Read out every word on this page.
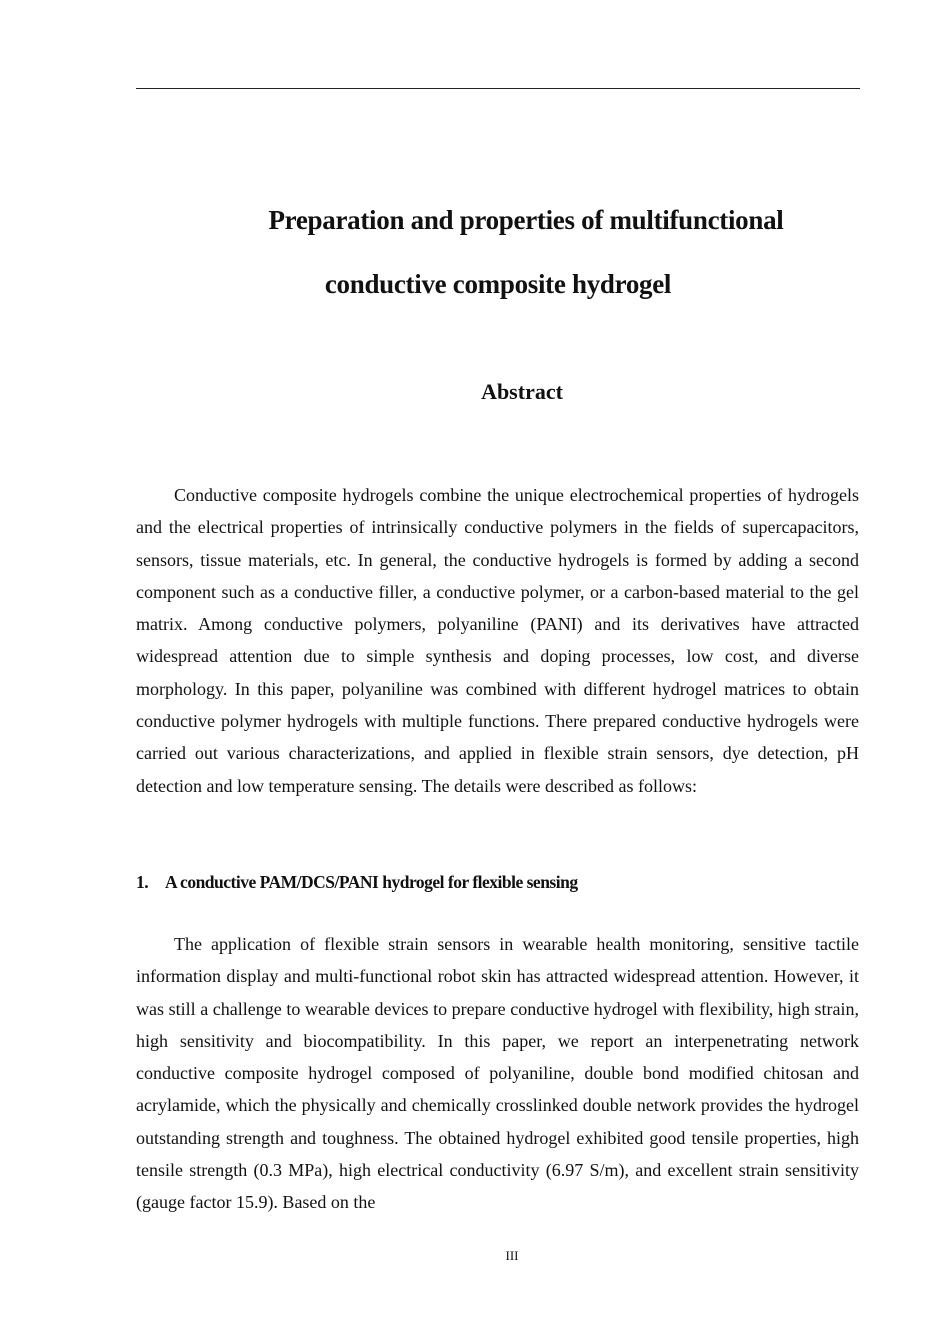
Preparation and properties of multifunctional
conductive composite hydrogel
Abstract

Conductive composite hydrogels combine the unique electrochemical properties of hydrogels and the electrical properties of intrinsically conductive polymers in the fields of supercapacitors, sensors, tissue materials, etc. In general, the conductive hydrogels is formed by adding a second component such as a conductive filler, a conductive polymer, or a carbon-based material to the gel matrix. Among conductive polymers, polyaniline (PANI) and its derivatives have attracted widespread attention due to simple synthesis and doping processes, low cost, and diverse morphology. In this paper, polyaniline was combined with different hydrogel matrices to obtain conductive polymer hydrogels with multiple functions. There prepared conductive hydrogels were carried out various characterizations, and applied in flexible strain sensors, dye detection, pH detection and low temperature sensing. The details were described as follows:

1. A conductive PAM/DCS/PANI hydrogel for flexible sensing

The application of flexible strain sensors in wearable health monitoring, sensitive tactile information display and multi-functional robot skin has attracted widespread attention. However, it was still a challenge to wearable devices to prepare conductive hydrogel with flexibility, high strain, high sensitivity and biocompatibility. In this paper, we report an interpenetrating network conductive composite hydrogel composed of polyaniline, double bond modified chitosan and acrylamide, which the physically and chemically crosslinked double network provides the hydrogel outstanding strength and toughness. The obtained hydrogel exhibited good tensile properties, high tensile strength (0.3 MPa), high electrical conductivity (6.97 S/m), and excellent strain sensitivity (gauge factor 15.9). Based on the

III
